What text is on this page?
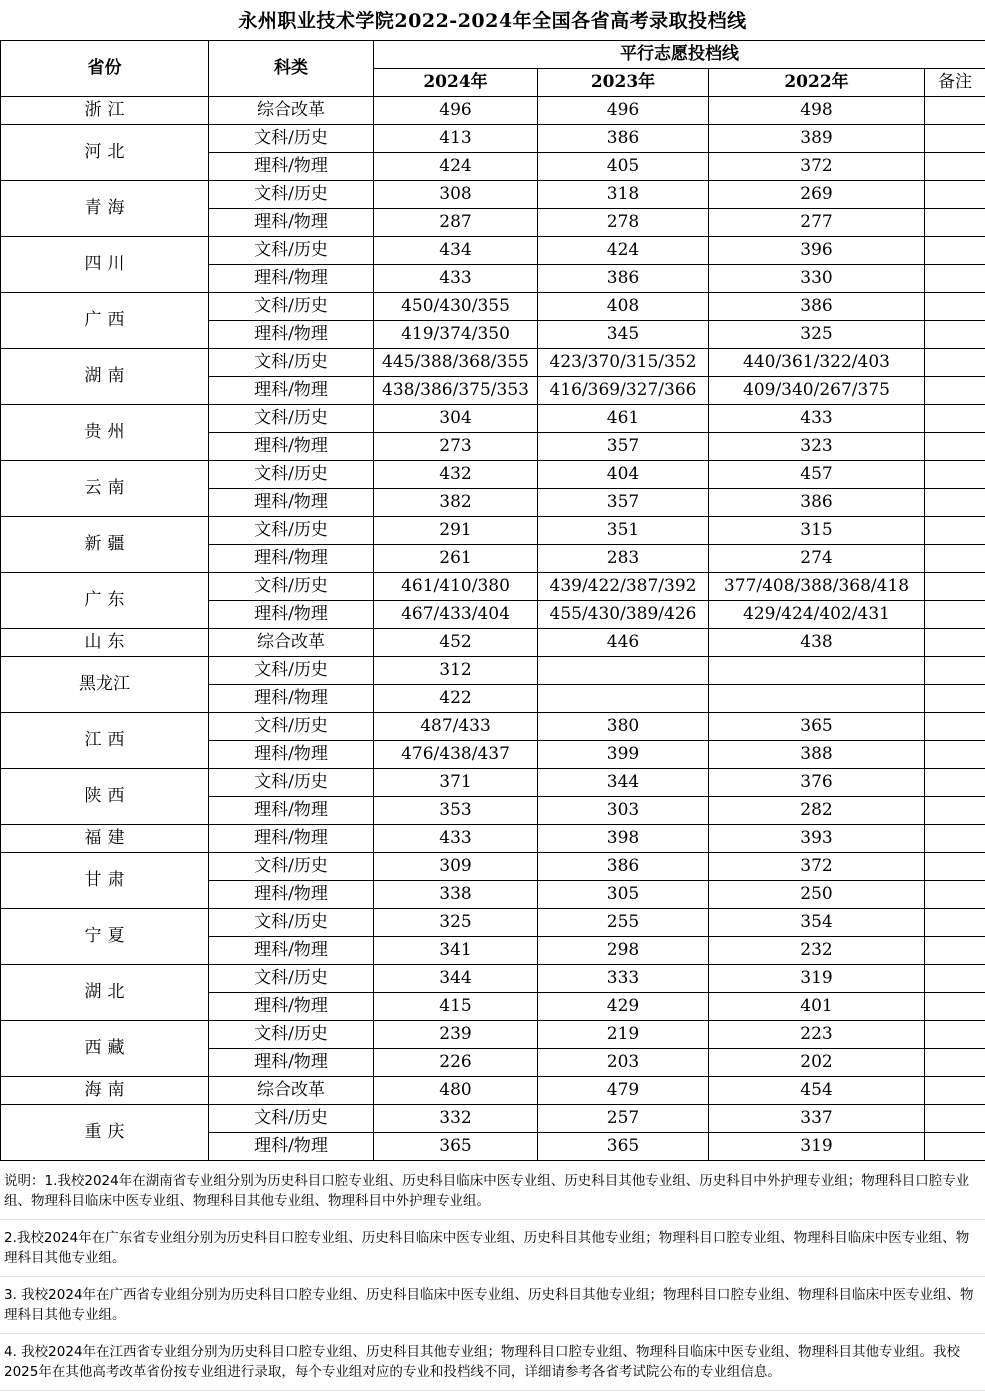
永州职业技术学院2022-2024年全国各省高考录取投档线
省份	科类	平行志愿投档线			
		2024年	2023年	2022年	备注
浙江	综合改革	496	496	498	
河北	文科/历史	413	386	389	
	理科/物理	424	405	372	
青海	文科/历史	308	318	269	
	理科/物理	287	278	277	
四川	文科/历史	434	424	396	
	理科/物理	433	386	330	
广西	文科/历史	450/430/355	408	386	
	理科/物理	419/374/350	345	325	
湖南	文科/历史	445/388/368/355	423/370/315/352	440/361/322/403	
	理科/物理	438/386/375/353	416/369/327/366	409/340/267/375	
贵州	文科/历史	304	461	433	
	理科/物理	273	357	323	
云南	文科/历史	432	404	457	
	理科/物理	382	357	386	
新疆	文科/历史	291	351	315	
	理科/物理	261	283	274	
广东	文科/历史	461/410/380	439/422/387/392	377/408/388/368/418	
	理科/物理	467/433/404	455/430/389/426	429/424/402/431	
山东	综合改革	452	446	438	
黑龙江	文科/历史	312			
	理科/物理	422			
江西	文科/历史	487/433	380	365	
	理科/物理	476/438/437	399	388	
陕西	文科/历史	371	344	376	
	理科/物理	353	303	282	
福建	理科/物理	433	398	393	
甘肃	文科/历史	309	386	372	
	理科/物理	338	305	250	
宁夏	文科/历史	325	255	354	
	理科/物理	341	298	232	
湖北	文科/历史	344	333	319	
	理科/物理	415	429	401	
西藏	文科/历史	239	219	223	
	理科/物理	226	203	202	
海南	综合改革	480	479	454	
重庆	文科/历史	332	257	337	
	理科/物理	365	365	319	
说明：1.我校2024年在湖南省专业组分别为历史科目口腔专业组、历史科目临床中医专业组、历史科目其他专业组、历史科目中外护理专业组；物理科目口腔专业组、物理科目临床中医专业组、物理科目其他专业组、物理科目中外护理专业组。
2.我校2024年在广东省专业组分别为历史科目口腔专业组、历史科目临床中医专业组、历史科目其他专业组；物理科目口腔专业组、物理科目临床中医专业组、物理科目其他专业组。
3. 我校2024年在广西省专业组分别为历史科目口腔专业组、历史科目临床中医专业组、历史科目其他专业组；物理科目口腔专业组、物理科目临床中医专业组、物理科目其他专业组。
4. 我校2024年在江西省专业组分别为历史科目口腔专业组、历史科目其他专业组；物理科目口腔专业组、物理科目临床中医专业组、物理科目其他专业组。我校2025年在其他高考改革省份按专业组进行录取，每个专业组对应的专业和投档线不同，详细请参考各省考试院公布的专业组信息。
